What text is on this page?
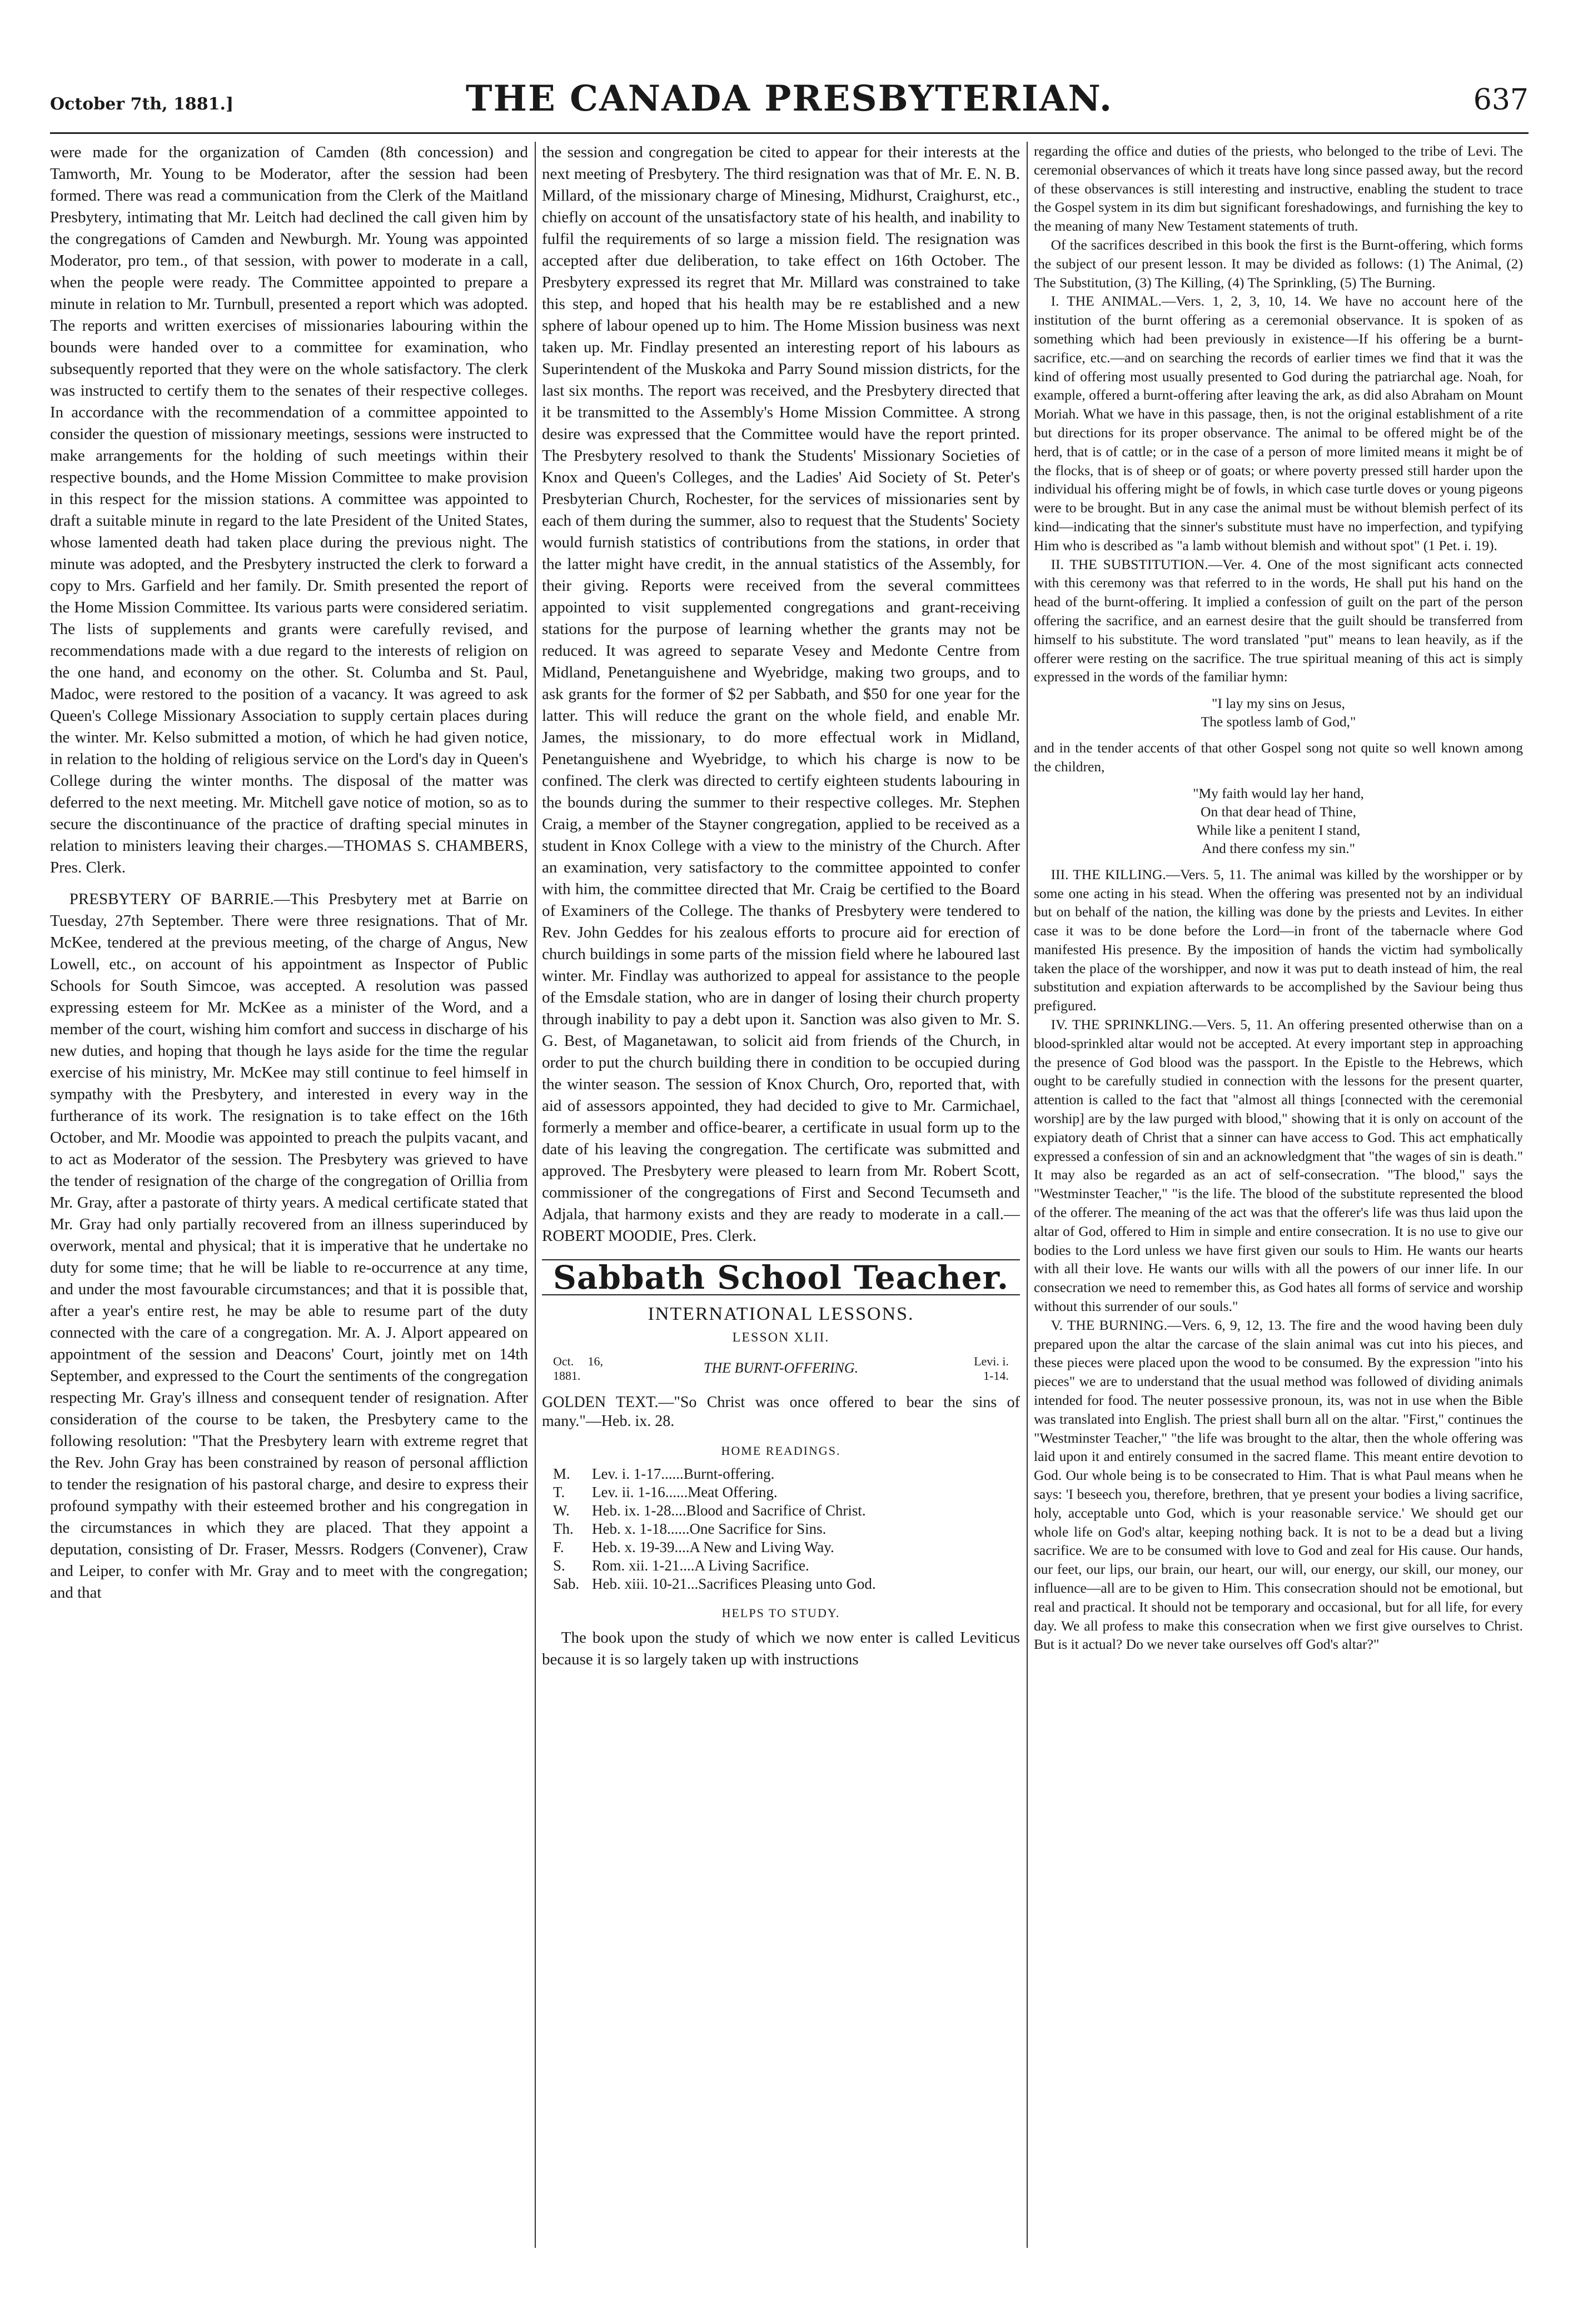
October 7th, 1881.]	THE CANADA PRESBYTERIAN.	637

were made for the organization of Camden (8th concession) and Tamworth, Mr. Young to be Moderator, after the session had been formed. There was read a communication from the Clerk of the Maitland Presbytery, intimating that Mr. Leitch had declined the call given him by the congregations of Camden and Newburgh. Mr. Young was appointed Moderator, pro tem., of that session, with power to moderate in a call, when the people were ready. The Committee appointed to prepare a minute in relation to Mr. Turnbull, presented a report which was adopted. The reports and written exercises of missionaries labouring within the bounds were handed over to a committee for examination, who subsequently reported that they were on the whole satisfactory. The clerk was instructed to certify them to the senates of their respective colleges. In accordance with the recommendation of a committee appointed to consider the question of missionary meetings, sessions were instructed to make arrangements for the holding of such meetings within their respective bounds, and the Home Mission Committee to make provision in this respect for the mission stations. A committee was appointed to draft a suitable minute in regard to the late President of the United States, whose lamented death had taken place during the previous night. The minute was adopted, and the Presbytery instructed the clerk to forward a copy to Mrs. Garfield and her family. Dr. Smith presented the report of the Home Mission Committee. Its various parts were considered seriatim. The lists of supplements and grants were carefully revised, and recommendations made with a due regard to the interests of religion on the one hand, and economy on the other. St. Columba and St. Paul, Madoc, were restored to the position of a vacancy. It was agreed to ask Queen's College Missionary Association to supply certain places during the winter. Mr. Kelso submitted a motion, of which he had given notice, in relation to the holding of religious service on the Lord's day in Queen's College during the winter months. The disposal of the matter was deferred to the next meeting. Mr. Mitchell gave notice of motion, so as to secure the discontinuance of the practice of drafting special minutes in relation to ministers leaving their charges.—THOMAS S. CHAMBERS, Pres. Clerk.

PRESBYTERY OF BARRIE.—This Presbytery met at Barrie on Tuesday, 27th September. There were three resignations. That of Mr. McKee, tendered at the previous meeting, of the charge of Angus, New Lowell, etc., on account of his appointment as Inspector of Public Schools for South Simcoe, was accepted. A resolution was passed expressing esteem for Mr. McKee as a minister of the Word, and a member of the court, wishing him comfort and success in discharge of his new duties, and hoping that though he lays aside for the time the regular exercise of his ministry, Mr. McKee may still continue to feel himself in sympathy with the Presbytery, and interested in every way in the furtherance of its work. The resignation is to take effect on the 16th October, and Mr. Moodie was appointed to preach the pulpits vacant, and to act as Moderator of the session. The Presbytery was grieved to have the tender of resignation of the charge of the congregation of Orillia from Mr. Gray, after a pastorate of thirty years. A medical certificate stated that Mr. Gray had only partially recovered from an illness superinduced by overwork, mental and physical; that it is imperative that he undertake no duty for some time; that he will be liable to re-occurrence at any time, and under the most favourable circumstances; and that it is possible that, after a year's entire rest, he may be able to resume part of the duty connected with the care of a congregation. Mr. A. J. Alport appeared on appointment of the session and Deacons' Court, jointly met on 14th September, and expressed to the Court the sentiments of the congregation respecting Mr. Gray's illness and consequent tender of resignation. After consideration of the course to be taken, the Presbytery came to the following resolution: "That the Presbytery learn with extreme regret that the Rev. John Gray has been constrained by reason of personal affliction to tender the resignation of his pastoral charge, and desire to express their profound sympathy with their esteemed brother and his congregation in the circumstances in which they are placed. That they appoint a deputation, consisting of Dr. Fraser, Messrs. Rodgers (Convener), Craw and Leiper, to confer with Mr. Gray and to meet with the congregation; and that

the session and congregation be cited to appear for their interests at the next meeting of Presbytery. The third resignation was that of Mr. E. N. B. Millard, of the missionary charge of Minesing, Midhurst, Craighurst, etc., chiefly on account of the unsatisfactory state of his health, and inability to fulfil the requirements of so large a mission field. The resignation was accepted after due deliberation, to take effect on 16th October. The Presbytery expressed its regret that Mr. Millard was constrained to take this step, and hoped that his health may be re established and a new sphere of labour opened up to him. The Home Mission business was next taken up. Mr. Findlay presented an interesting report of his labours as Superintendent of the Muskoka and Parry Sound mission districts, for the last six months. The report was received, and the Presbytery directed that it be transmitted to the Assembly's Home Mission Committee. A strong desire was expressed that the Committee would have the report printed. The Presbytery resolved to thank the Students' Missionary Societies of Knox and Queen's Colleges, and the Ladies' Aid Society of St. Peter's Presbyterian Church, Rochester, for the services of missionaries sent by each of them during the summer, also to request that the Students' Society would furnish statistics of contributions from the stations, in order that the latter might have credit, in the annual statistics of the Assembly, for their giving. Reports were received from the several committees appointed to visit supplemented congregations and grant-receiving stations for the purpose of learning whether the grants may not be reduced. It was agreed to separate Vesey and Medonte Centre from Midland, Penetanguishene and Wyebridge, making two groups, and to ask grants for the former of $2 per Sabbath, and $50 for one year for the latter. This will reduce the grant on the whole field, and enable Mr. James, the missionary, to do more effectual work in Midland, Penetanguishene and Wyebridge, to which his charge is now to be confined. The clerk was directed to certify eighteen students labouring in the bounds during the summer to their respective colleges. Mr. Stephen Craig, a member of the Stayner congregation, applied to be received as a student in Knox College with a view to the ministry of the Church. After an examination, very satisfactory to the committee appointed to confer with him, the committee directed that Mr. Craig be certified to the Board of Examiners of the College. The thanks of Presbytery were tendered to Rev. John Geddes for his zealous efforts to procure aid for erection of church buildings in some parts of the mission field where he laboured last winter. Mr. Findlay was authorized to appeal for assistance to the people of the Emsdale station, who are in danger of losing their church property through inability to pay a debt upon it. Sanction was also given to Mr. S. G. Best, of Maganetawan, to solicit aid from friends of the Church, in order to put the church building there in condition to be occupied during the winter season. The session of Knox Church, Oro, reported that, with aid of assessors appointed, they had decided to give to Mr. Carmichael, formerly a member and office-bearer, a certificate in usual form up to the date of his leaving the congregation. The certificate was submitted and approved. The Presbytery were pleased to learn from Mr. Robert Scott, commissioner of the congregations of First and Second Tecumseth and Adjala, that harmony exists and they are ready to moderate in a call.—ROBERT MOODIE, Pres. Clerk.

Sabbath School Teacher.
INTERNATIONAL LESSONS.
LESSON XLII.
Oct. 16, 1881.	THE BURNT-OFFERING.	Levi. i. 1-14.
GOLDEN TEXT.—"So Christ was once offered to bear the sins of many."—Heb. ix. 28.
HOME READINGS.
M. Lev. i. 1-17......Burnt-offering.
T. Lev. ii. 1-16......Meat Offering.
W. Heb. ix. 1-28....Blood and Sacrifice of Christ.
Th. Heb. x. 1-18......One Sacrifice for Sins.
F. Heb. x. 19-39....A New and Living Way.
S. Rom. xii. 1-21....A Living Sacrifice.
Sab. Heb. xiii. 10-21...Sacrifices Pleasing unto God.
HELPS TO STUDY.

The book upon the study of which we now enter is called Leviticus because it is so largely taken up with instructions

regarding the office and duties of the priests, who belonged to the tribe of Levi. The ceremonial observances of which it treats have long since passed away, but the record of these observances is still interesting and instructive, enabling the student to trace the Gospel system in its dim but significant foreshadowings, and furnishing the key to the meaning of many New Testament statements of truth.

Of the sacrifices described in this book the first is the Burnt-offering, which forms the subject of our present lesson. It may be divided as follows: (1) The Animal, (2) The Substitution, (3) The Killing, (4) The Sprinkling, (5) The Burning.

I. THE ANIMAL.—Vers. 1, 2, 3, 10, 14. We have no account here of the institution of the burnt offering as a ceremonial observance. It is spoken of as something which had been previously in existence—If his offering be a burnt-sacrifice, etc.—and on searching the records of earlier times we find that it was the kind of offering most usually presented to God during the patriarchal age. Noah, for example, offered a burnt-offering after leaving the ark, as did also Abraham on Mount Moriah. What we have in this passage, then, is not the original establishment of a rite but directions for its proper observance. The animal to be offered might be of the herd, that is of cattle; or in the case of a person of more limited means it might be of the flocks, that is of sheep or of goats; or where poverty pressed still harder upon the individual his offering might be of fowls, in which case turtle doves or young pigeons were to be brought. But in any case the animal must be without blemish perfect of its kind—indicating that the sinner's substitute must have no imperfection, and typifying Him who is described as "a lamb without blemish and without spot" (1 Pet. i. 19).

II. THE SUBSTITUTION.—Ver. 4. One of the most significant acts connected with this ceremony was that referred to in the words, He shall put his hand on the head of the burnt-offering. It implied a confession of guilt on the part of the person offering the sacrifice, and an earnest desire that the guilt should be transferred from himself to his substitute. The word translated "put" means to lean heavily, as if the offerer were resting on the sacrifice. The true spiritual meaning of this act is simply expressed in the words of the familiar hymn:

"I lay my sins on Jesus,
The spotless lamb of God,"

and in the tender accents of that other Gospel song not quite so well known among the children,

"My faith would lay her hand,
On that dear head of Thine,
While like a penitent I stand,
And there confess my sin."

III. THE KILLING.—Vers. 5, 11. The animal was killed by the worshipper or by some one acting in his stead. When the offering was presented not by an individual but on behalf of the nation, the killing was done by the priests and Levites. In either case it was to be done before the Lord—in front of the tabernacle where God manifested His presence. By the imposition of hands the victim had symbolically taken the place of the worshipper, and now it was put to death instead of him, the real substitution and expiation afterwards to be accomplished by the Saviour being thus prefigured.

IV. THE SPRINKLING.—Vers. 5, 11. An offering presented otherwise than on a blood-sprinkled altar would not be accepted. At every important step in approaching the presence of God blood was the passport. In the Epistle to the Hebrews, which ought to be carefully studied in connection with the lessons for the present quarter, attention is called to the fact that "almost all things [connected with the ceremonial worship] are by the law purged with blood," showing that it is only on account of the expiatory death of Christ that a sinner can have access to God. This act emphatically expressed a confession of sin and an acknowledgment that "the wages of sin is death." It may also be regarded as an act of self-consecration. "The blood," says the "Westminster Teacher," "is the life. The blood of the substitute represented the blood of the offerer. The meaning of the act was that the offerer's life was thus laid upon the altar of God, offered to Him in simple and entire consecration. It is no use to give our bodies to the Lord unless we have first given our souls to Him. He wants our hearts with all their love. He wants our wills with all the powers of our inner life. In our consecration we need to remember this, as God hates all forms of service and worship without this surrender of our souls."

V. THE BURNING.—Vers. 6, 9, 12, 13. The fire and the wood having been duly prepared upon the altar the carcase of the slain animal was cut into his pieces, and these pieces were placed upon the wood to be consumed. By the expression "into his pieces" we are to understand that the usual method was followed of dividing animals intended for food. The neuter possessive pronoun, its, was not in use when the Bible was translated into English. The priest shall burn all on the altar. "First," continues the "Westminster Teacher," "the life was brought to the altar, then the whole offering was laid upon it and entirely consumed in the sacred flame. This meant entire devotion to God. Our whole being is to be consecrated to Him. That is what Paul means when he says: 'I beseech you, therefore, brethren, that ye present your bodies a living sacrifice, holy, acceptable unto God, which is your reasonable service.' We should get our whole life on God's altar, keeping nothing back. It is not to be a dead but a living sacrifice. We are to be consumed with love to God and zeal for His cause. Our hands, our feet, our lips, our brain, our heart, our will, our energy, our skill, our money, our influence—all are to be given to Him. This consecration should not be emotional, but real and practical. It should not be temporary and occasional, but for all life, for every day. We all profess to make this consecration when we first give ourselves to Christ. But is it actual? Do we never take ourselves off God's altar?"
